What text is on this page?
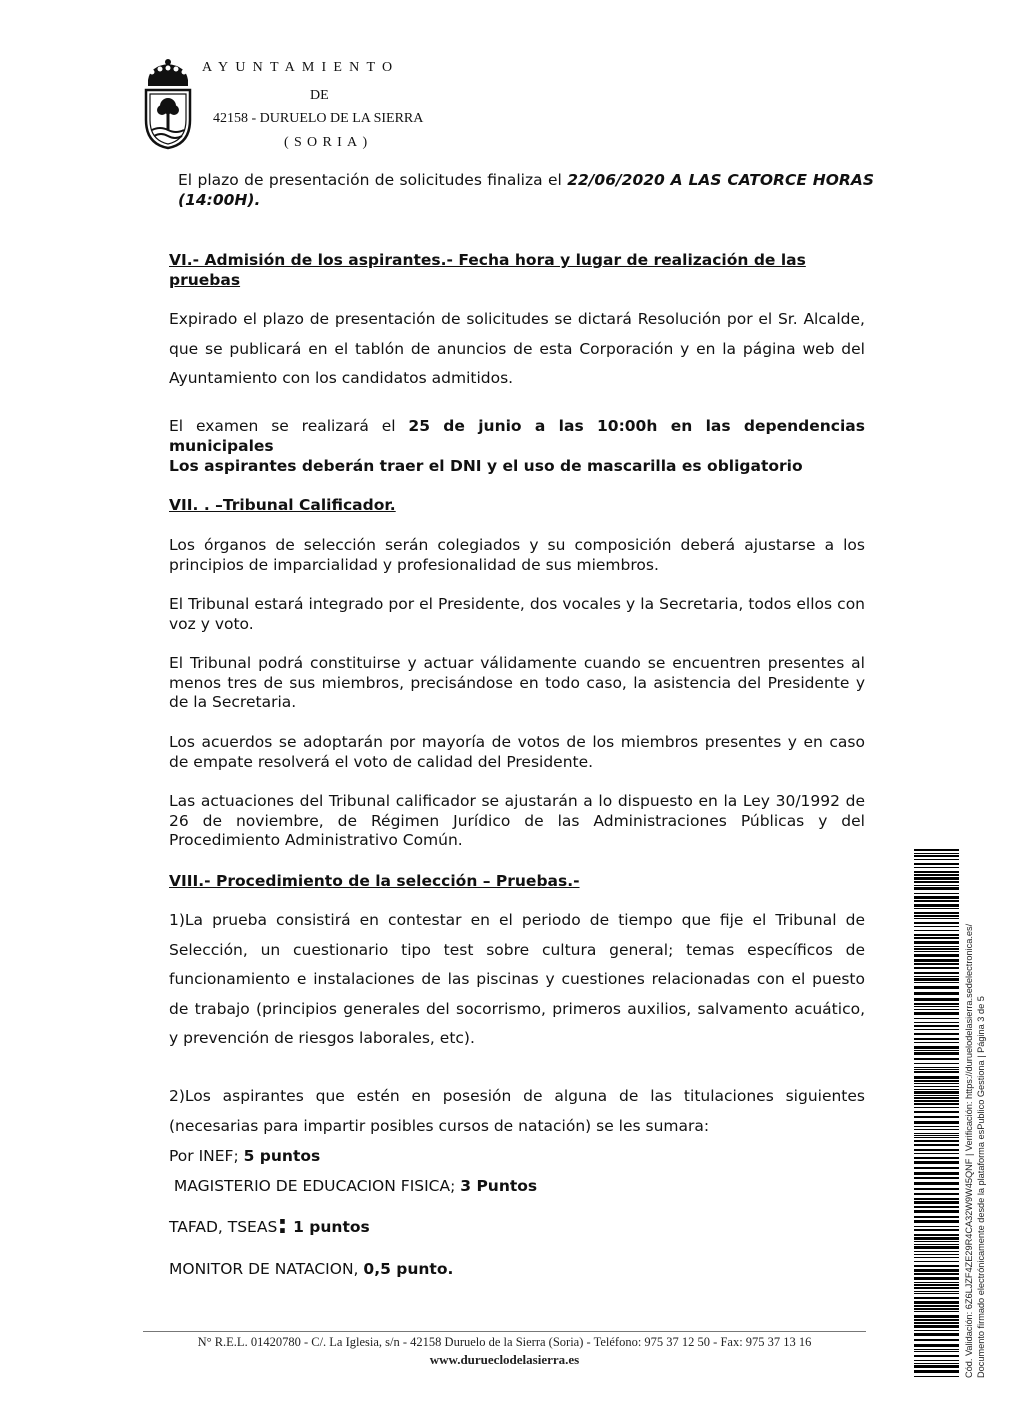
AYUNTAMIENTO
DE
42158 - DURUELO DE LA SIERRA
(SORIA)

El plazo de presentación de solicitudes finaliza el 22/06/2020 A LAS CATORCE HORAS (14:00H).

VI.- Admisión de los aspirantes.- Fecha hora y lugar de realización de las pruebas

Expirado el plazo de presentación de solicitudes se dictará Resolución por el Sr. Alcalde, que se publicará en el tablón de anuncios de esta Corporación y en la página web del Ayuntamiento con los candidatos admitidos.

El examen se realizará el 25 de junio a las 10:00h en las dependencias municipales

Los aspirantes deberán traer el DNI y el uso de mascarilla es obligatorio

VII. . –Tribunal Calificador.

Los órganos de selección serán colegiados y su composición deberá ajustarse a los principios de imparcialidad y profesionalidad de sus miembros.

El Tribunal estará integrado por el Presidente, dos vocales y la Secretaria, todos ellos con voz y voto.

El Tribunal podrá constituirse y actuar válidamente cuando se encuentren presentes al menos tres de sus miembros, precisándose en todo caso, la asistencia del Presidente y de la Secretaria.

Los acuerdos se adoptarán por mayoría de votos de los miembros presentes y en caso de empate resolverá el voto de calidad del Presidente.

Las actuaciones del Tribunal calificador se ajustarán a lo dispuesto en la Ley 30/1992 de 26 de noviembre, de Régimen Jurídico de las Administraciones Públicas y del Procedimiento Administrativo Común.

VIII.- Procedimiento de la selección – Pruebas.-

1)La prueba consistirá en contestar en el periodo de tiempo que fije el Tribunal de Selección, un cuestionario tipo test sobre cultura general; temas específicos de funcionamiento e instalaciones de las piscinas y cuestiones relacionadas con el puesto de trabajo (principios generales del socorrismo, primeros auxilios, salvamento acuático, y prevención de riesgos laborales, etc).

2)Los aspirantes que estén en posesión de alguna de las titulaciones siguientes (necesarias para impartir posibles cursos de natación) se les sumara:

Por INEF; 5 puntos

MAGISTERIO DE EDUCACION FISICA; 3 Puntos

TAFAD, TSEAS: 1 puntos

MONITOR DE NATACION, 0,5 punto.

N° R.E.L. 01420780 - C/. La Iglesia, s/n - 42158 Duruelo de la Sierra (Soria) - Teléfono: 975 37 12 50 - Fax: 975 37 13 16
www.durueclodelasierra.es	Cód. Validación: 6Z6LJZF4ZE29R4CA32W9W45QNF | Verificación: https://duruelodelasierra.sedelectronica.es/ Documento firmado electrónicamente desde la plataforma esPublico Gestiona | Página 3 de 5
